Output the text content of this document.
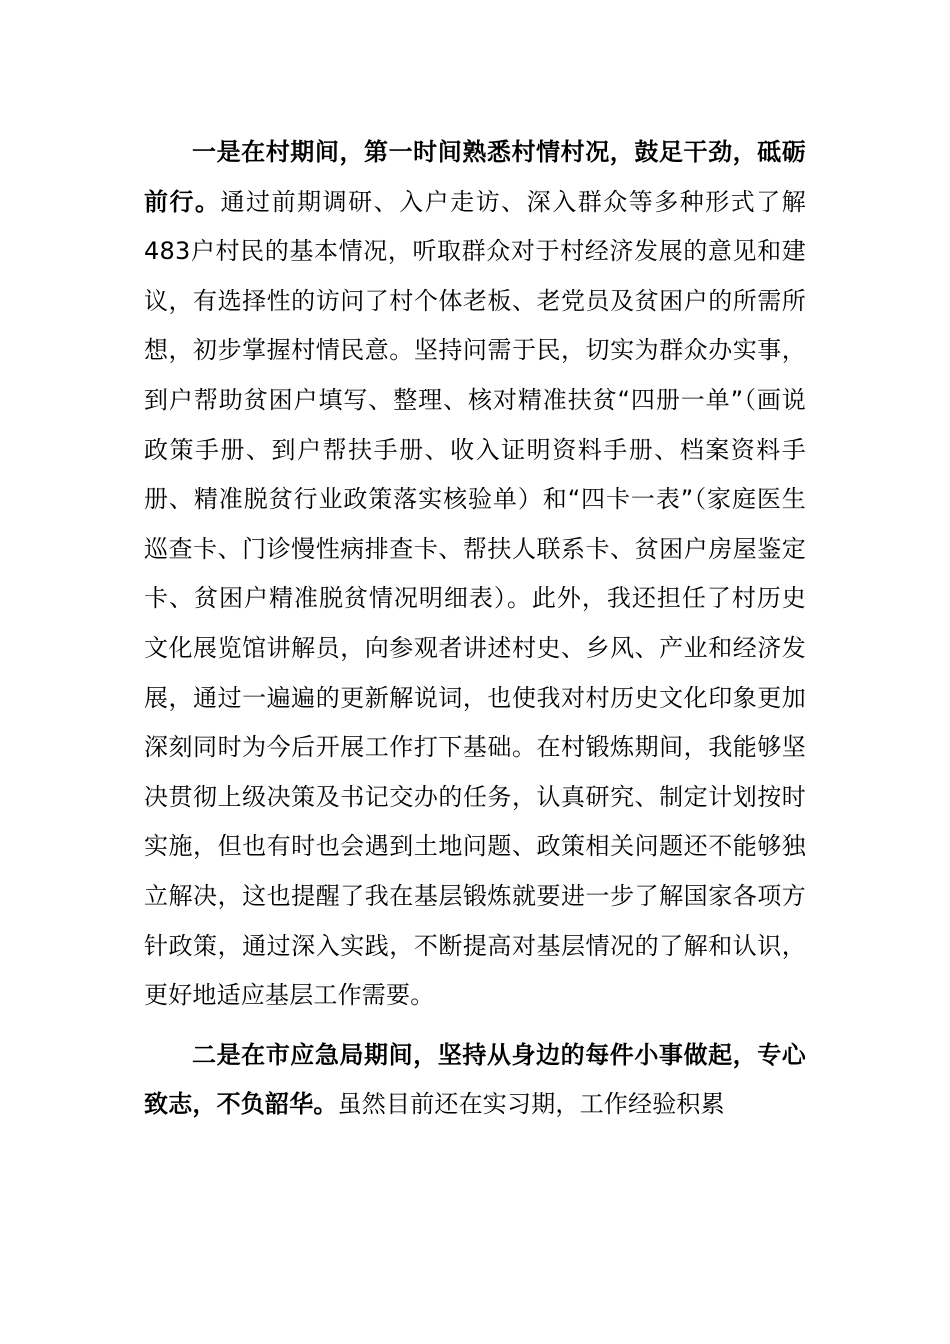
一是在村期间，第一时间熟悉村情村况，鼓足干劲，砥砺前行。通过前期调研、入户走访、深入群众等多种形式了解483户村民的基本情况，听取群众对于村经济发展的意见和建议，有选择性的访问了村个体老板、老党员及贫困户的所需所想，初步掌握村情民意。坚持问需于民，切实为群众办实事，到户帮助贫困户填写、整理、核对精准扶贫“四册一单”（画说政策手册、到户帮扶手册、收入证明资料手册、档案资料手册、精准脱贫行业政策落实核验单）和“四卡一表”（家庭医生巡查卡、门诊慢性病排查卡、帮扶人联系卡、贫困户房屋鉴定卡、贫困户精准脱贫情况明细表）。此外，我还担任了村历史文化展览馆讲解员，向参观者讲述村史、乡风、产业和经济发展，通过一遍遍的更新解说词，也使我对村历史文化印象更加深刻同时为今后开展工作打下基础。在村锻炼期间，我能够坚决贯彻上级决策及书记交办的任务，认真研究、制定计划按时实施，但也有时也会遇到土地问题、政策相关问题还不能够独立解决，这也提醒了我在基层锻炼就要进一步了解国家各项方针政策，通过深入实践，不断提高对基层情况的了解和认识，更好地适应基层工作需要。

二是在市应急局期间，坚持从身边的每件小事做起，专心致志，不负韶华。虽然目前还在实习期，工作经验积累
